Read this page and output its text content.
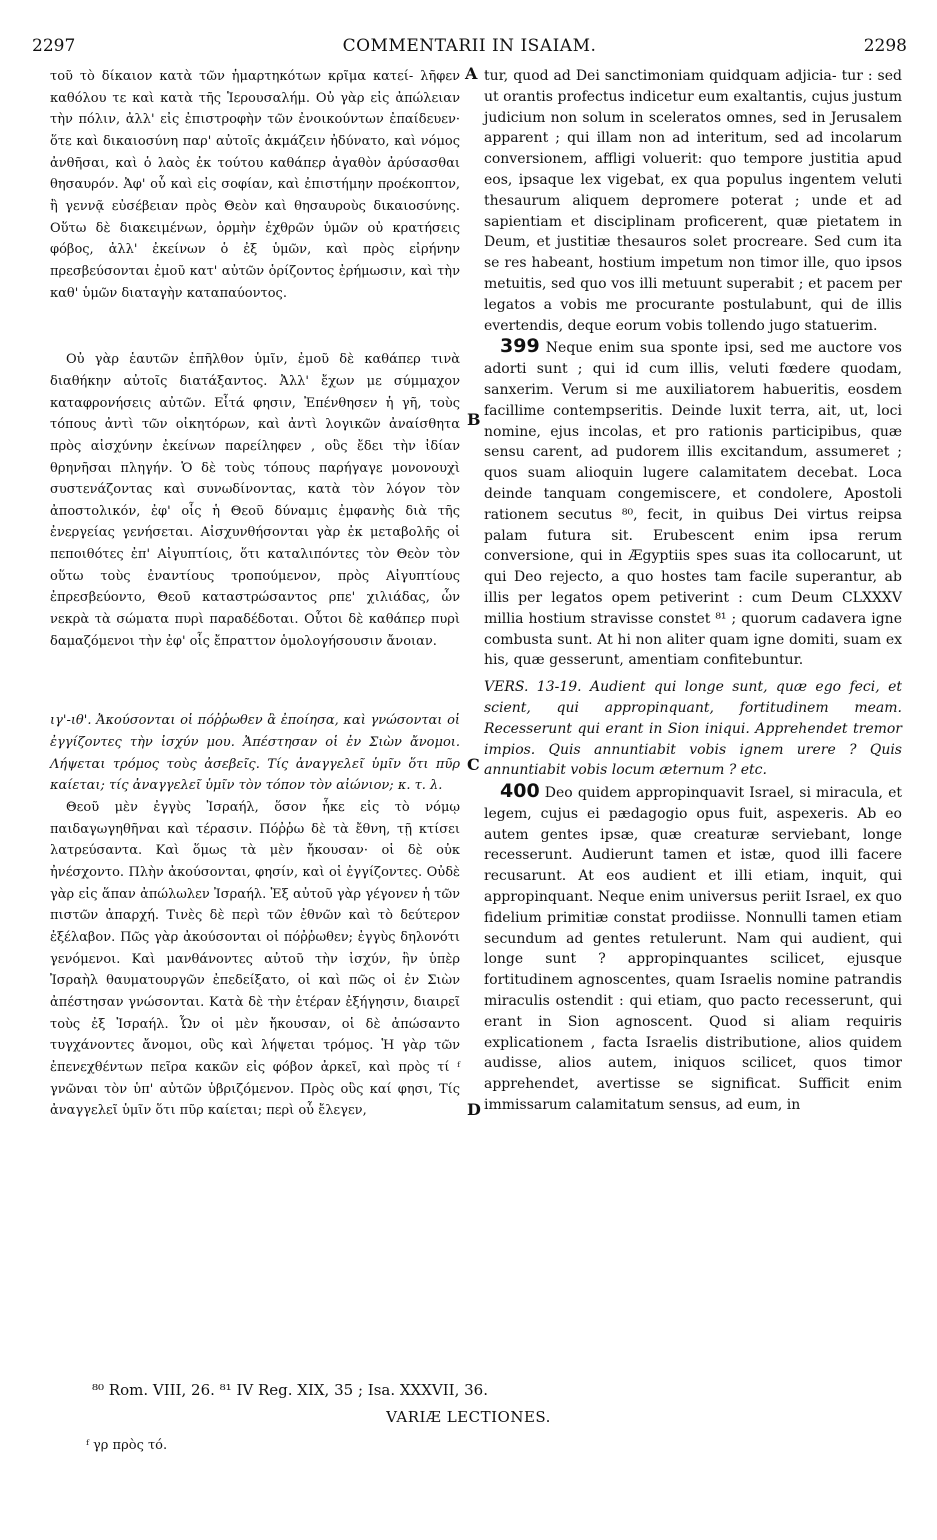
2297	COMMENTARII IN ISAIAM.	2298
A
B
C
D

τοῦ τὸ δίκαιον κατὰ τῶν ἡμαρτηκότων κρῖμα κατεί- λῆφεν καθόλου τε καὶ κατὰ τῆς Ἱερουσαλήμ. Οὐ γὰρ εἰς ἀπώλειαν τὴν πόλιν, ἀλλ' εἰς ἐπιστροφὴν τῶν ἐνοικούντων ἐπαίδευεν· ὅτε καὶ δικαιοσύνη παρ' αὐτοῖς ἀκμάζειν ἠδύνατο, καὶ νόμος ἀνθῆσαι, καὶ ὁ λαὸς ἐκ τούτου καθάπερ ἀγαθὸν ἀρύσασθαι θησαυρόν. Ἀφ' οὗ καὶ εἰς σοφίαν, καὶ ἐπιστήμην προέκοπτον, ἢ γεννᾷ εὐσέβειαν πρὸς Θεὸν καὶ θησαυροὺς δικαιοσύνης. Οὕτω δὲ διακειμένων, ὁρμὴν ἐχθρῶν ὑμῶν οὐ κρατήσεις φόβος, ἀλλ' ἐκείνων ὁ ἐξ ὑμῶν, καὶ πρὸς εἰρήνην πρεσβεύσονται ἐμοῦ κατ' αὐτῶν ὁρίζοντος ἐρήμωσιν, καὶ τὴν καθ' ὑμῶν διαταγὴν καταπαύοντος.

Οὐ γὰρ ἑαυτῶν ἐπῆλθον ὑμῖν, ἐμοῦ δὲ καθάπερ τινὰ διαθήκην αὐτοῖς διατάξαντος. Ἀλλ' ἔχων με σύμμαχον καταφρονήσεις αὐτῶν. Εἶτά φησιν, Ἐπένθησεν ἡ γῆ, τοὺς τόπους ἀντὶ τῶν οἰκητόρων, καὶ ἀντὶ λογικῶν ἀναίσθητα πρὸς αἰσχύνην ἐκείνων παρείληφεν , οὓς ἔδει τὴν ἰδίαν θρηνῆσαι πληγήν. Ὁ δὲ τοὺς τόπους παρήγαγε μονονουχὶ συστενάζοντας καὶ συνωδίνοντας, κατὰ τὸν λόγον τὸν ἀποστολικόν, ἐφ' οἷς ἡ Θεοῦ δύναμις ἐμφανὴς διὰ τῆς ἐνεργείας γενήσεται. Αἰσχυνθήσονται γὰρ ἐκ μεταβολῆς οἱ πεποιθότες ἐπ' Αἰγυπτίοις, ὅτι καταλιπόντες τὸν Θεὸν τὸν οὕτω τοὺς ἐναντίους τροπούμενον, πρὸς Αἰγυπτίους ἐπρεσβεύοντο, Θεοῦ καταστρώσαντος ρπε' χιλιάδας, ὧν νεκρὰ τὰ σώματα πυρὶ παραδέδοται. Οὗτοι δὲ καθάπερ πυρὶ δαμαζόμενοι τὴν ἐφ' οἷς ἔπραττον ὁμολογήσουσιν ἄνοιαν.

ιγ'-ιθ'. Ἀκούσονται οἱ πόῤῥωθεν ἃ ἐποίησα, καὶ γνώσονται οἱ ἐγγίζοντες τὴν ἰσχύν μου. Ἀπέστησαν οἱ ἐν Σιὼν ἄνομοι. Λήψεται τρόμος τοὺς ἀσεβεῖς. Τίς ἀναγγελεῖ ὑμῖν ὅτι πῦρ καίεται; τίς ἀναγγελεῖ ὑμῖν τὸν τόπον τὸν αἰώνιον; κ. τ. λ.

Θεοῦ μὲν ἐγγὺς Ἰσραήλ, ὅσον ἧκε εἰς τὸ νόμῳ παιδαγωγηθῆναι καὶ τέρασιν. Πόῤῥω δὲ τὰ ἔθνη, τῇ κτίσει λατρεύσαντα. Καὶ ὅμως τὰ μὲν ἤκουσαν· οἱ δὲ οὐκ ἠνέσχοντο. Πλὴν ἀκούσονται, φησίν, καὶ οἱ ἐγγίζοντες. Οὐδὲ γὰρ εἰς ἅπαν ἀπώλωλεν Ἰσραήλ. Ἐξ αὐτοῦ γὰρ γέγονεν ἡ τῶν πιστῶν ἀπαρχή. Τινὲς δὲ περὶ τῶν ἐθνῶν καὶ τὸ δεύτερον ἐξέλαβον. Πῶς γὰρ ἀκούσονται οἱ πόῤῥωθεν; ἐγγὺς δηλονότι γενόμενοι. Καὶ μανθάνοντες αὐτοῦ τὴν ἰσχύν, ἣν ὑπὲρ Ἰσραὴλ θαυματουργῶν ἐπεδείξατο, οἱ καὶ πῶς οἱ ἐν Σιὼν ἀπέστησαν γνώσονται. Κατὰ δὲ τὴν ἑτέραν ἐξήγησιν, διαιρεῖ τοὺς ἐξ Ἰσραήλ. Ὧν οἱ μὲν ἤκουσαν, οἱ δὲ ἀπώσαντο τυγχάνοντες ἄνομοι, οὓς καὶ λήψεται τρόμος. Ἡ γὰρ τῶν ἐπενεχθέντων πεῖρα κακῶν εἰς φόβον ἀρκεῖ, καὶ πρὸς τί ᶠ γνῶναι τὸν ὑπ' αὐτῶν ὑβριζόμενον. Πρὸς οὓς καί φησι, Τίς ἀναγγελεῖ ὑμῖν ὅτι πῦρ καίεται; περὶ οὗ ἔλεγεν,

tur, quod ad Dei sanctimoniam quidquam adjicia- tur : sed ut orantis profectus indicetur eum exaltantis, cujus justum judicium non solum in sceleratos omnes, sed in Jerusalem apparent ; qui illam non ad interitum, sed ad incolarum conversionem, affligi voluerit: quo tempore justitia apud eos, ipsaque lex vigebat, ex qua populus ingentem veluti thesaurum aliquem depromere poterat ; unde et ad sapientiam et disciplinam proficerent, quæ pietatem in Deum, et justitiæ thesauros solet procreare. Sed cum ita se res habeant, hostium impetum non timor ille, quo ipsos metuitis, sed quo vos illi metuunt superabit ; et pacem per legatos a vobis me procurante postulabunt, qui de illis evertendis, deque eorum vobis tollendo jugo statuerim.

399 Neque enim sua sponte ipsi, sed me auctore vos adorti sunt ; qui id cum illis, veluti fœdere quodam, sanxerim. Verum si me auxiliatorem habueritis, eosdem facillime contempseritis. Deinde luxit terra, ait, ut, loci nomine, ejus incolas, et pro rationis participibus, quæ sensu carent, ad pudorem illis excitandum, assumeret ; quos suam alioquin lugere calamitatem decebat. Loca deinde tanquam congemiscere, et condolere, Apostoli rationem secutus ⁸⁰, fecit, in quibus Dei virtus reipsa palam futura sit. Erubescent enim ipsa rerum conversione, qui in Ægyptiis spes suas ita collocarunt, ut qui Deo rejecto, a quo hostes tam facile superantur, ab illis per legatos opem petiverint : cum Deum CLXXXV millia hostium stravisse constet ⁸¹ ; quorum cadavera igne combusta sunt. At hi non aliter quam igne domiti, suam ex his, quæ gesserunt, amentiam confitebuntur.

VERS. 13-19. Audient qui longe sunt, quæ ego feci, et scient, qui appropinquant, fortitudinem meam. Recesserunt qui erant in Sion iniqui. Apprehendet tremor impios. Quis annuntiabit vobis ignem urere ? Quis annuntiabit vobis locum æternum ? etc.

400 Deo quidem appropinquavit Israel, si miracula, et legem, cujus ei pædagogio opus fuit, aspexeris. Ab eo autem gentes ipsæ, quæ creaturæ serviebant, longe recesserunt. Audierunt tamen et istæ, quod illi facere recusarunt. At eos audient et illi etiam, inquit, qui appropinquant. Neque enim universus periit Israel, ex quo fidelium primitiæ constat prodiisse. Nonnulli tamen etiam secundum ad gentes retulerunt. Nam qui audient, qui longe sunt ? appropinquantes scilicet, ejusque fortitudinem agnoscentes, quam Israelis nomine patrandis miraculis ostendit : qui etiam, quo pacto recesserunt, qui erant in Sion agnoscent. Quod si aliam requiris explicationem , facta Israelis distributione, alios quidem audisse, alios autem, iniquos scilicet, quos timor apprehendet, avertisse se significat. Sufficit enim immissarum calamitatum sensus, ad eum, in

⁸⁰ Rom. VIII, 26. ⁸¹ IV Reg. XIX, 35 ; Isa. XXXVII, 36.
VARIÆ LECTIONES.
ᶠ γρ πρὸς τό.
